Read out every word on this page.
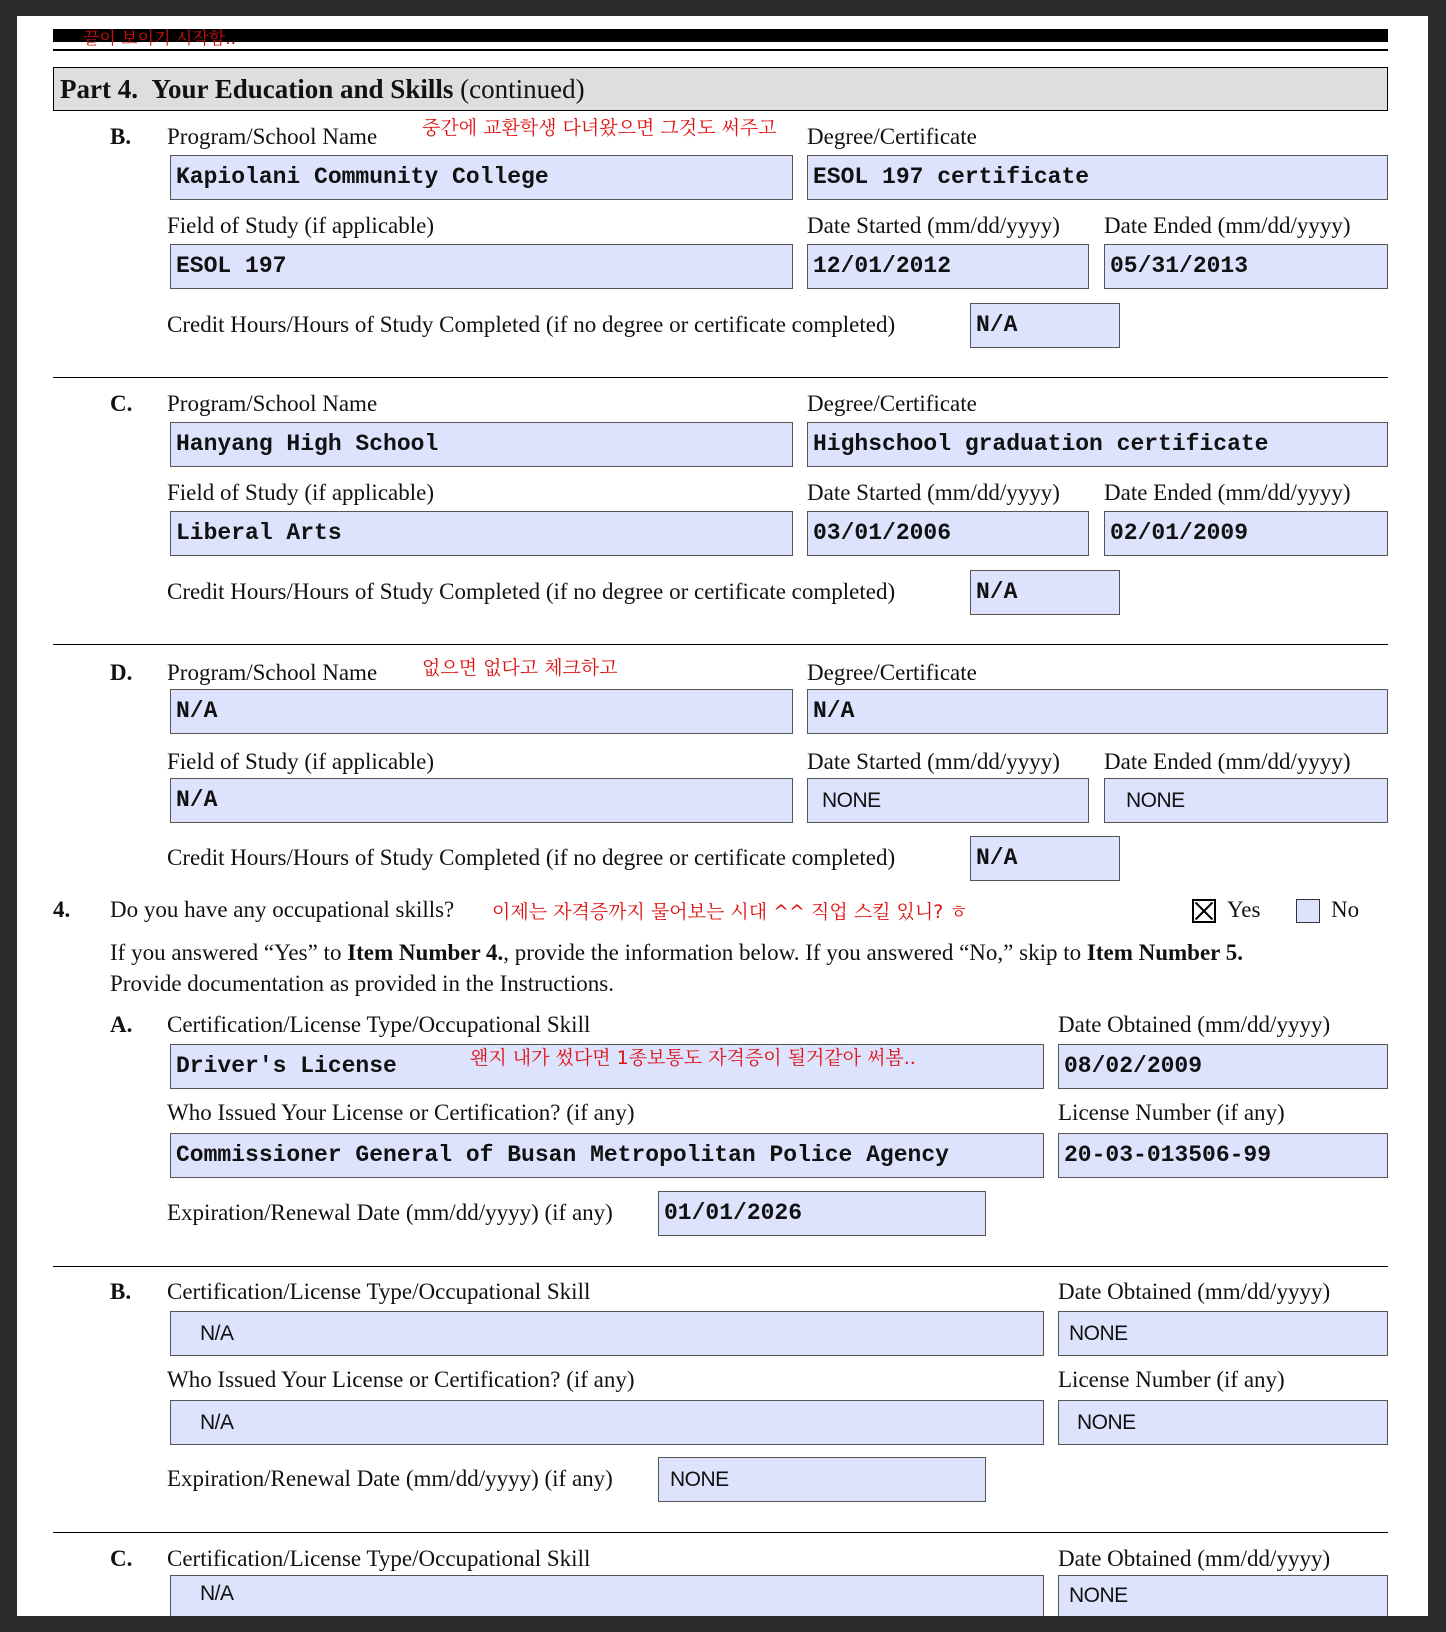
끝이 보이기 시작함..
Part 4. Your Education and Skills (continued)
B. Program/School Name 중간에 교환학생 다녀왔으면 그것도 써주고 Degree/Certificate
Kapiolani Community College	ESOL 197 certificate
Field of Study (if applicable)	Date Started (mm/dd/yyyy) Date Ended (mm/dd/yyyy)
ESOL 197	12/01/2012	05/31/2013
Credit Hours/Hours of Study Completed (if no degree or certificate completed)	N/A
C. Program/School Name	Degree/Certificate
Hanyang High School	Highschool graduation certificate
Field of Study (if applicable)	Date Started (mm/dd/yyyy) Date Ended (mm/dd/yyyy)
Liberal Arts	03/01/2006	02/01/2009
Credit Hours/Hours of Study Completed (if no degree or certificate completed)	N/A
D. Program/School Name 없으면 없다고 체크하고	Degree/Certificate
N/A	N/A
Field of Study (if applicable)	Date Started (mm/dd/yyyy) Date Ended (mm/dd/yyyy)
N/A	NONE	NONE
Credit Hours/Hours of Study Completed (if no degree or certificate completed)	N/A
4. Do you have any occupational skills? 이제는 자격증까지 물어보는 시대 ^^ 직업 스킬 있니? ㅎ	Yes	No
If you answered “Yes” to Item Number 4., provide the information below. If you answered “No,” skip to Item Number 5.
Provide documentation as provided in the Instructions.
A. Certification/License Type/Occupational Skill	Date Obtained (mm/dd/yyyy)
Driver's License	왠지 내가 썼다면 1종보통도 자격증이 될거같아 써봄..	08/02/2009
Who Issued Your License or Certification? (if any)	License Number (if any)
Commissioner General of Busan Metropolitan Police Agency	20-03-013506-99
Expiration/Renewal Date (mm/dd/yyyy) (if any) 01/01/2026
B. Certification/License Type/Occupational Skill	Date Obtained (mm/dd/yyyy)
N/A	NONE
Who Issued Your License or Certification? (if any)	License Number (if any)
N/A	NONE
Expiration/Renewal Date (mm/dd/yyyy) (if any)	NONE
C. Certification/License Type/Occupational Skill	Date Obtained (mm/dd/yyyy)
N/A	NONE
